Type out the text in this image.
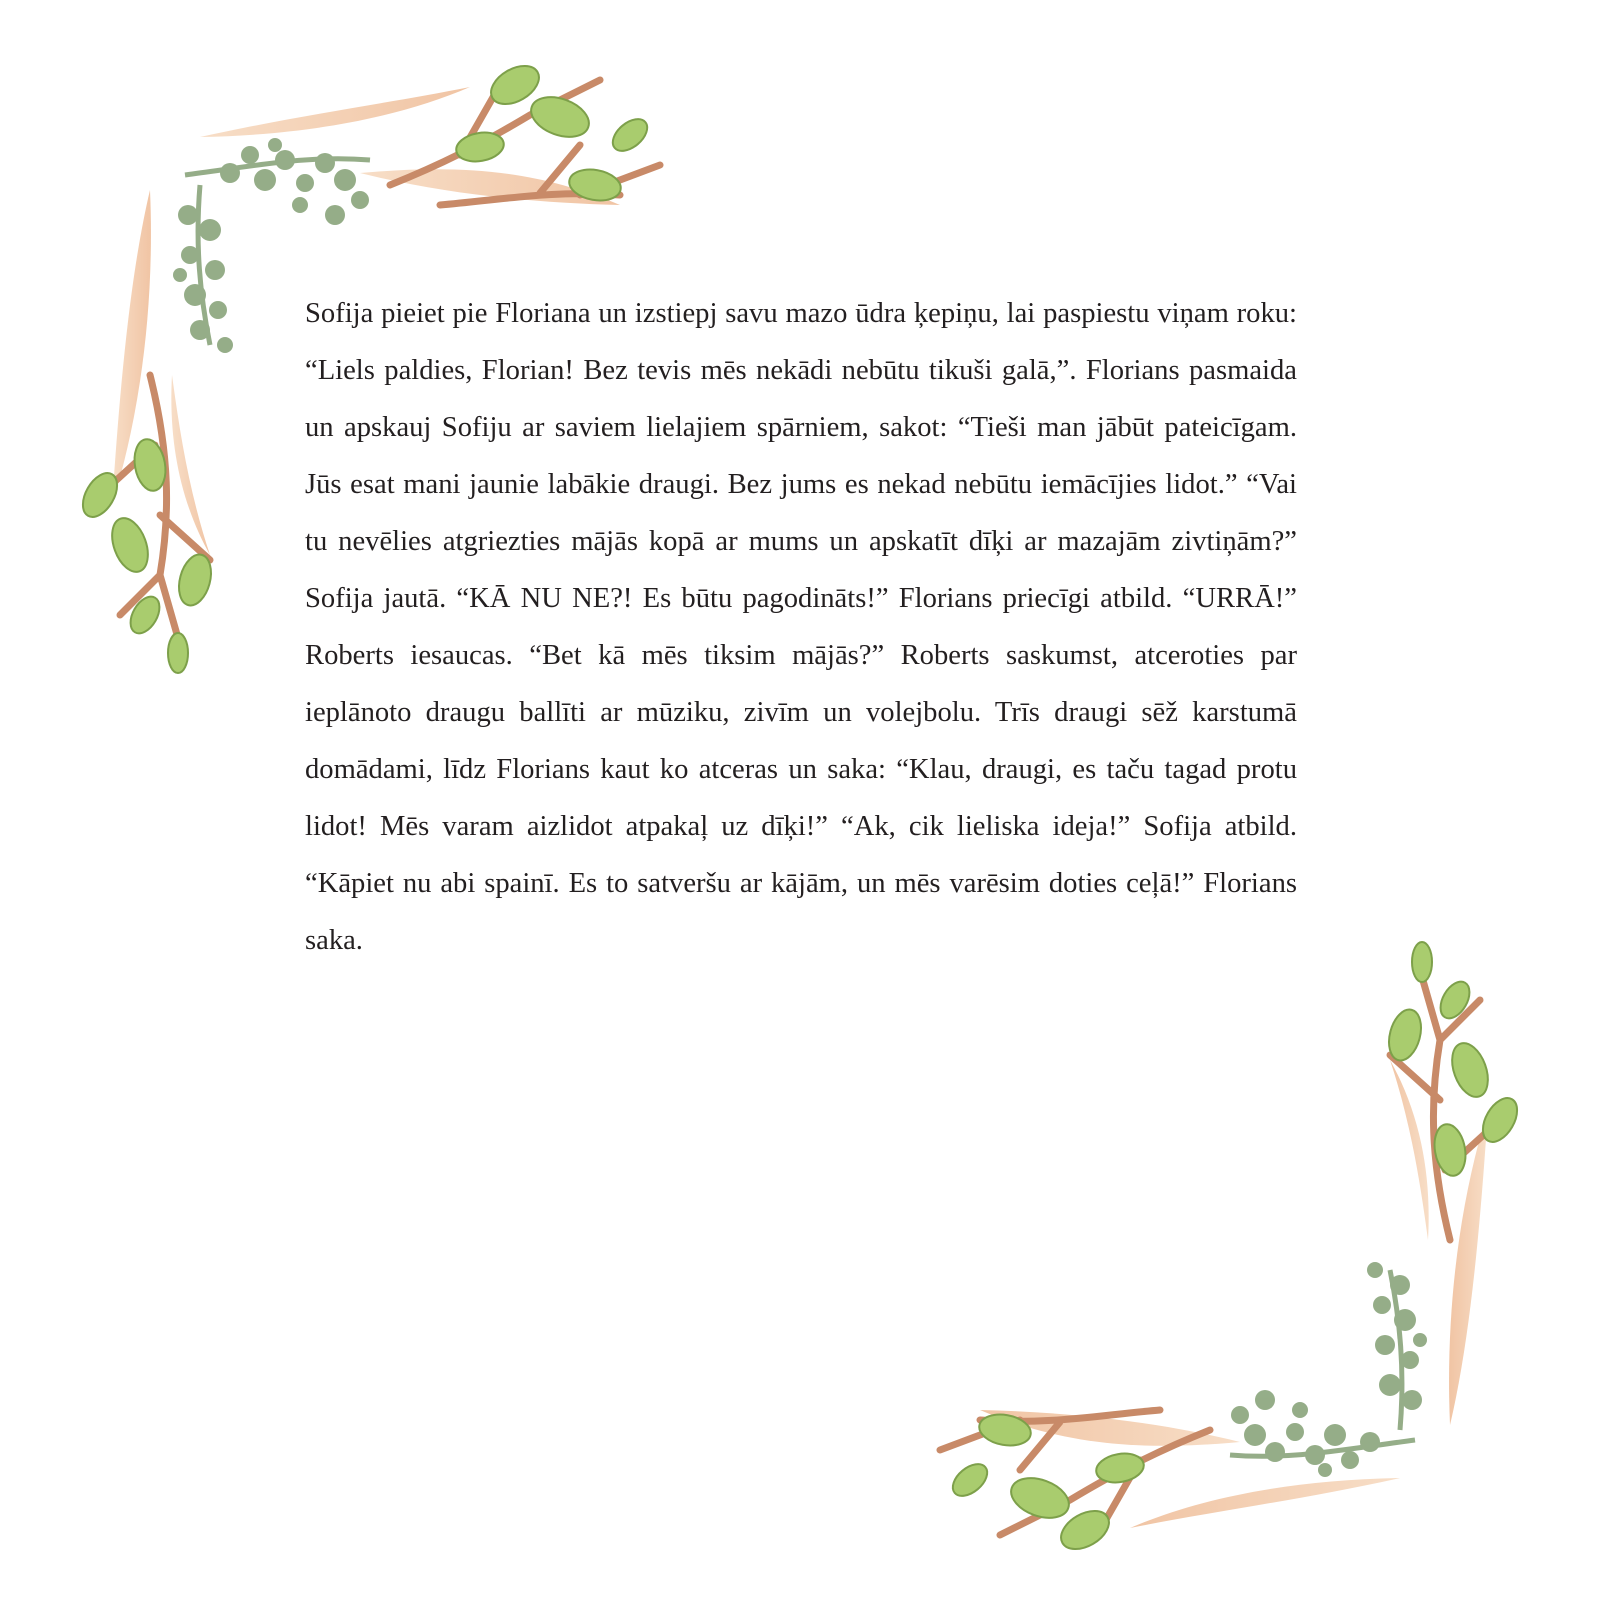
Sofija pieiet pie Floriana un izstiepj savu mazo ūdra ķepiņu, lai paspiestu viņam roku: “Liels paldies, Florian! Bez tevis mēs nekādi nebūtu tikuši galā,”. Florians pasmaida un apskauj Sofiju ar saviem lielajiem spārniem, sakot: “Tieši man jābūt pateicīgam. Jūs esat mani jaunie labākie draugi. Bez jums es nekad nebūtu iemācījies lidot.” “Vai tu nevēlies atgriezties mājās kopā ar mums un apskatīt dīķi ar mazajām zivtiņām?” Sofija jautā. “KĀ NU NE?! Es būtu pagodināts!” Florians priecīgi atbild. “URRĀ!” Roberts iesaucas. “Bet kā mēs tiksim mājās?” Roberts saskumst, atceroties par ieplānoto draugu ballīti ar mūziku, zivīm un volejbolu. Trīs draugi sēž karstumā domādami, līdz Florians kaut ko atceras un saka: “Klau, draugi, es taču tagad protu lidot! Mēs varam aizlidot atpakaļ uz dīķi!” “Ak, cik lieliska ideja!” Sofija atbild. “Kāpiet nu abi spainī. Es to satveršu ar kājām, un mēs varēsim doties ceļā!” Florians saka.
